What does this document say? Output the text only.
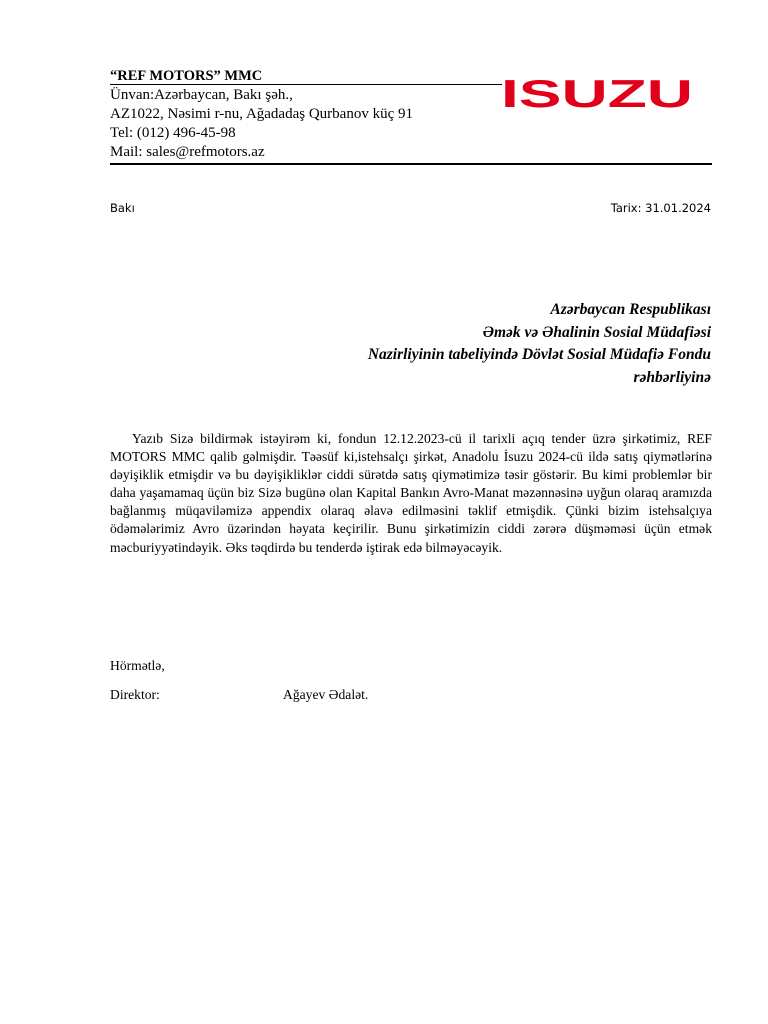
“REF MOTORS” MMC
Ünvan:Azərbaycan, Bakı şəh.,
AZ1022, Nəsimi r-nu, Ağadadaş Qurbanov küç 91
Tel: (012) 496-45-98
Mail: sales@refmotors.az
ISUZU
Bakı	Tarix: 31.01.2024
Azərbaycan Respublikası
Əmək və Əhalinin Sosial Müdafiəsi
Nazirliyinin tabeliyində Dövlət Sosial Müdafiə Fondu
rəhbərliyinə

Yazıb Sizə bildirmək istəyirəm ki, fondun 12.12.2023-cü il tarixli açıq tender üzrə şirkətimiz, REF MOTORS MMC qalib gəlmişdir. Təəsüf ki,istehsalçı şirkət, Anadolu İsuzu 2024-cü ildə satış qiymətlərinə dəyişiklik etmişdir və bu dəyişikliklər ciddi sürətdə satış qiymətimizə təsir göstərir. Bu kimi problemlər bir daha yaşamamaq üçün biz Sizə bugünə olan Kapital Bankın Avro-Manat məzənnəsinə uyğun olaraq aramızda bağlanmış müqaviləmizə appendix olaraq əlavə edilməsini təklif etmişdik. Çünki bizim istehsalçıya ödəmələrimiz Avro üzərindən həyata keçirilir. Bunu şirkətimizin ciddi zərərə düşməməsi üçün etmək məcburiyyətindəyik. Əks təqdirdə bu tenderdə iştirak edə bilməyəcəyik.

Hörmətlə,
Direktor:	Ağayev Ədalət.
